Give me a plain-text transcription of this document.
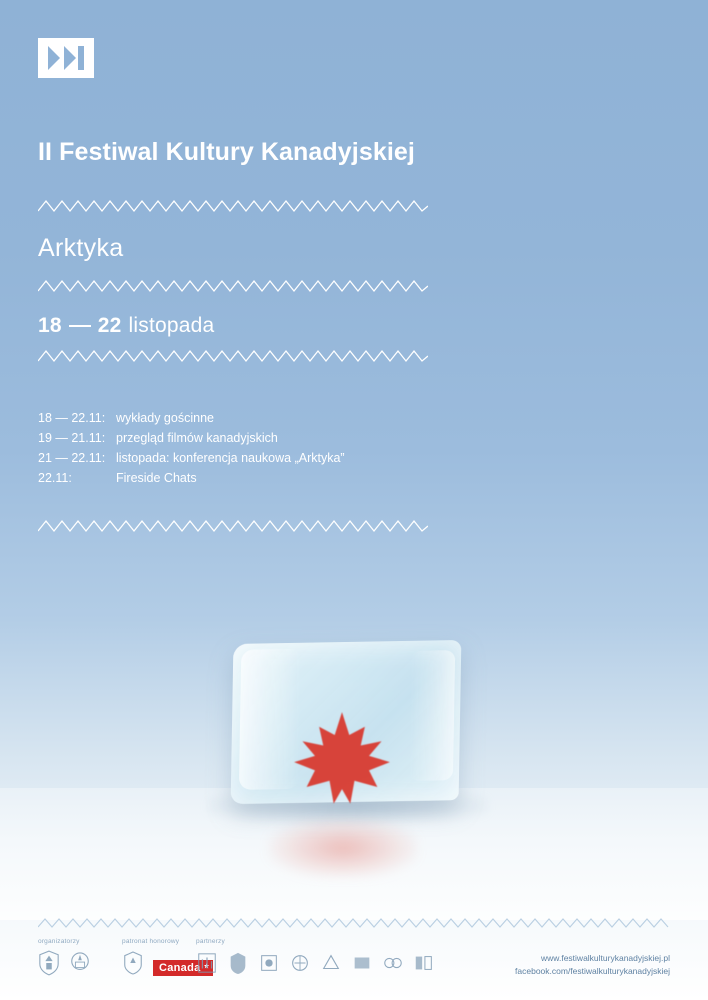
II Festiwal Kultury Kanadyjskiej
Arktyka
18 22 listopada
18 — 22.11: wykłady gościnne
19 — 21.11: przegląd filmów kanadyjskich
21 — 22.11: listopada: konferencja naukowa „Arktyka”
22.11:	Fireside Chats
organizatorzy	patronat honorowy	partnerzy
Canada
www.festiwalkulturykanadyjskiej.pl
facebook.com/festiwalkulturykanadyjskiej
